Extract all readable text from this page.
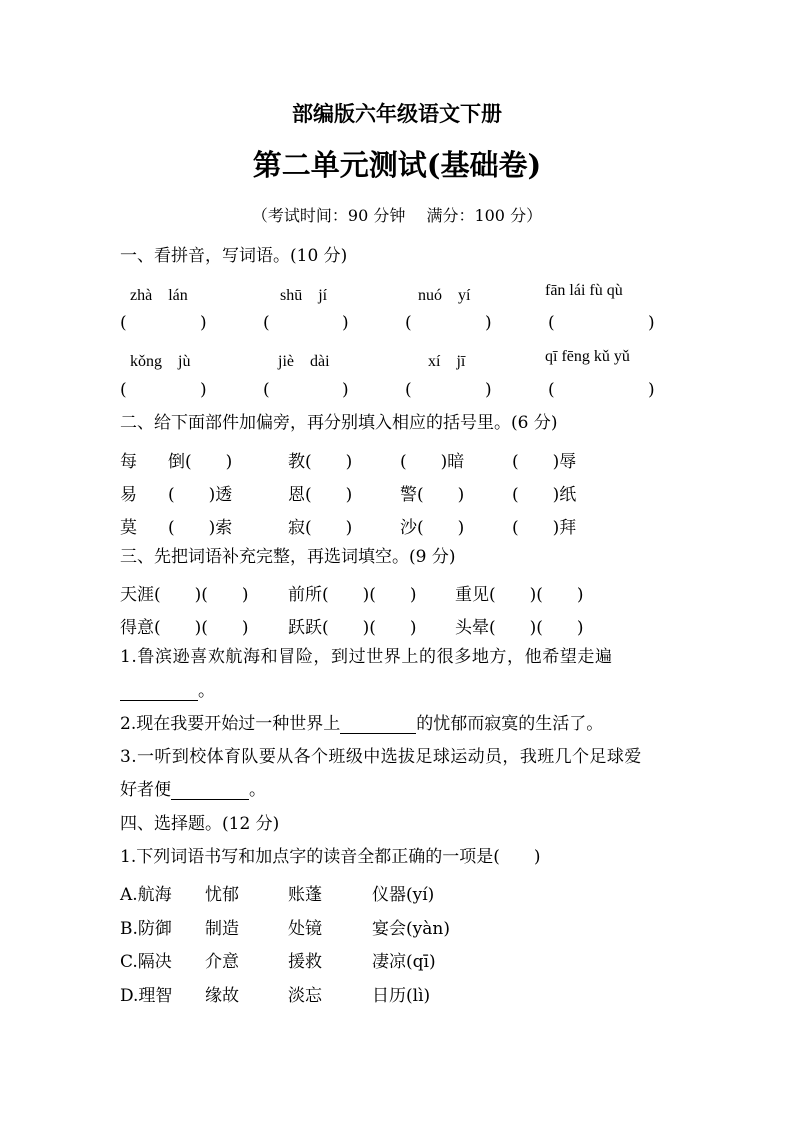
部编版六年级语文下册
第二单元测试(基础卷)
（考试时间：90 分钟　 满分：100 分）
一、看拼音，写词语。(10 分)
zhà　lán	shū　jí	nuó　yí	fān lái fù qù
(	)	(	)	(	)	(	)
kǒng　jù	jiè　dài	xí　jī	qī fēng kǔ yǔ
(	)	(	)	(	)	(	)
二、给下面部件加偏旁，再分别填入相应的括号里。(6 分)
每 倒(　　)	教(　　)	(　　)暗	(　　)辱
易 (　　)透	恩(　　)	警(　　)	(　　)纸
莫 (　　)索	寂(　　)	沙(　　)	(　　)拜
三、先把词语补充完整，再选词填空。(9 分)
天涯(　　)(　　) 前所(　　)(　　) 重见(　　)(　　)
得意(　　)(　　) 跃跃(　　)(　　) 头晕(　　)(　　)
1.鲁滨逊喜欢航海和冒险，到过世界上的很多地方，他希望走遍
。
2.现在我要开始过一种世界上	的忧郁而寂寞的生活了。
3.一听到校体育队要从各个班级中选拔足球运动员，我班几个足球爱
好者便	。
四、选择题。(12 分)
1.下列词语书写和加点字的读音全都正确的一项是(　　)
A.航海 忧郁	账蓬	仪器(yí)
B.防御 制造	处镜	宴会(yàn)
C.隔决 介意	援救	凄凉(qī)
D.理智 缘故	淡忘	日历(lì)
